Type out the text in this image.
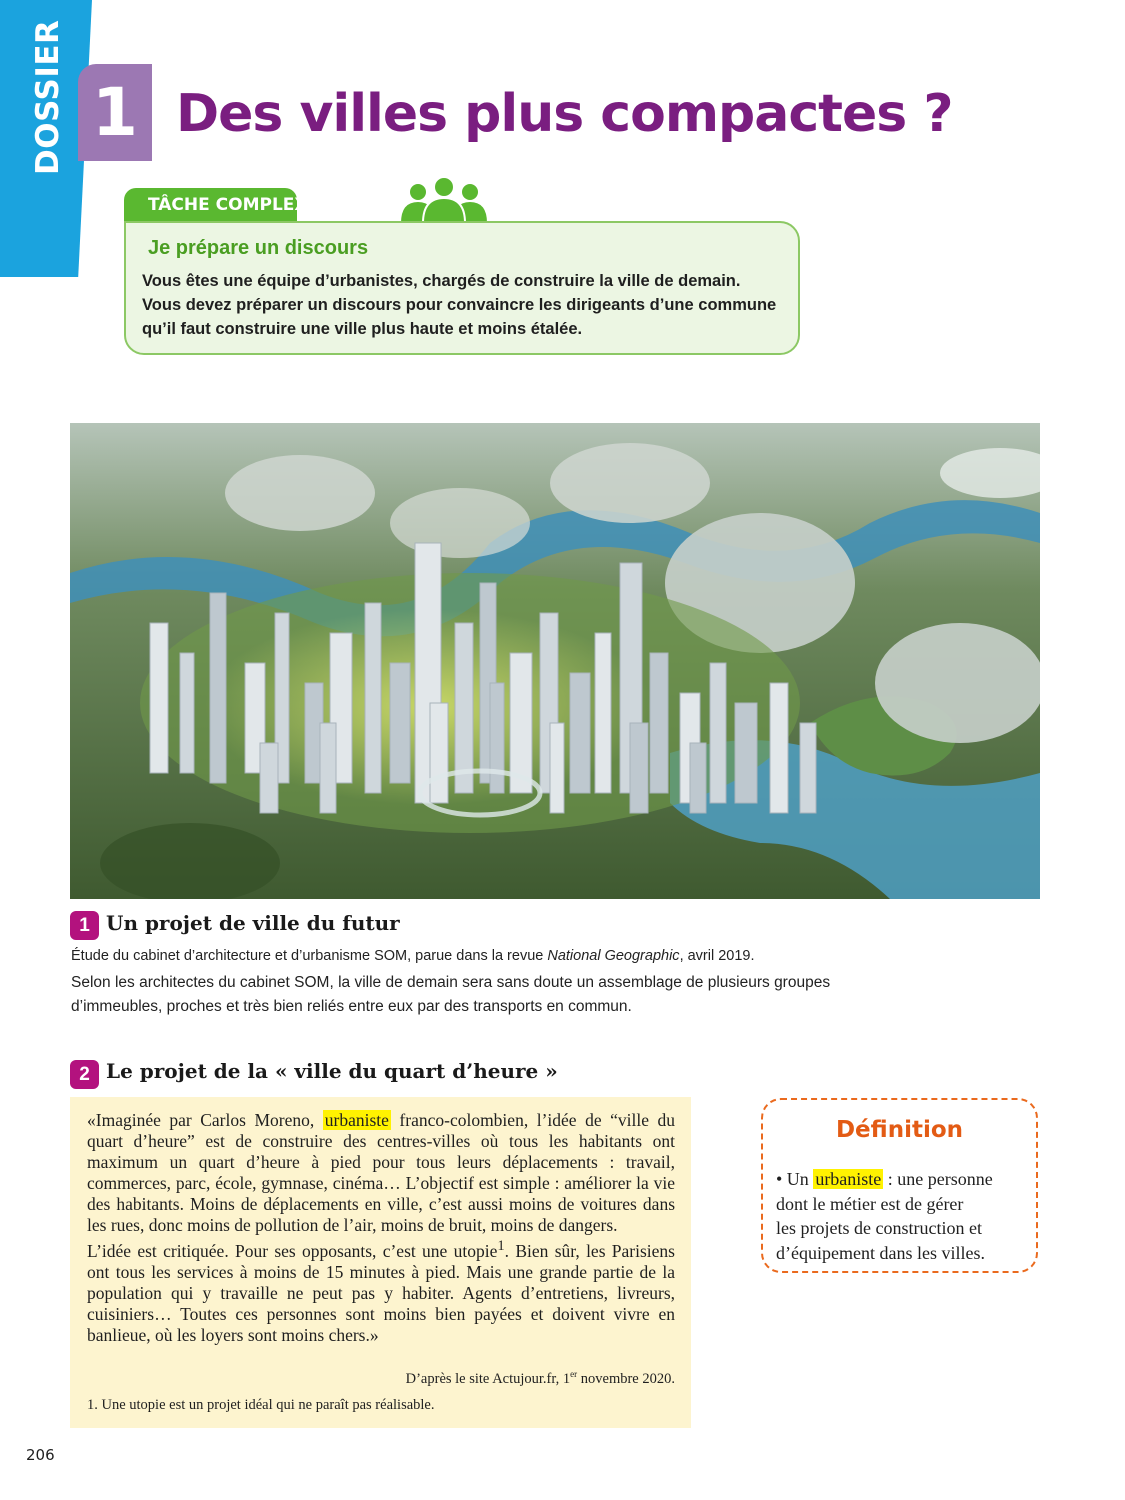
DOSSIER 1 Des villes plus compactes ?
TÂCHE COMPLEXE
Je prépare un discours
Vous êtes une équipe d’urbanistes, chargés de construire la ville de demain.
Vous devez préparer un discours pour convaincre les dirigeants d’une commune
qu’il faut construire une ville plus haute et moins étalée.
1 Un projet de ville du futur
Étude du cabinet d’architecture et d’urbanisme SOM, parue dans la revue National Geographic, avril 2019.
Selon les architectes du cabinet SOM, la ville de demain sera sans doute un assemblage de plusieurs groupes
d’immeubles, proches et très bien reliés entre eux par des transports en commun.
2 Le projet de la « ville du quart d’heure »
«Imaginée par Carlos Moreno, urbaniste franco-colombien, l’idée de “ville du quart d’heure” est de construire des centres-villes où tous les habitants ont maximum un quart d’heure à pied pour tous leurs déplacements : travail, commerces, parc, école, gymnase, cinéma… L’objectif est simple : améliorer la vie des habitants. Moins de déplacements en ville, c’est aussi moins de voitures dans les rues, donc moins de pollution de l’air, moins de bruit, moins de dangers.
L’idée est critiquée. Pour ses opposants, c’est une utopie$^1$. Bien sûr, les Parisiens ont tous les services à moins de 15 minutes à pied. Mais une grande partie de la population qui y travaille ne peut pas y habiter. Agents d’entretiens, livreurs, cuisiniers… Toutes ces personnes sont moins bien payées et doivent vivre en banlieue, où les loyers sont moins chers.»
D’après le site Actujour.fr, 1er novembre 2020.
1. Une utopie est un projet idéal qui ne paraît pas réalisable.
Définition
• Un urbaniste : une personne
dont le métier est de gérer
les projets de construction et
d’équipement dans les villes.
206
